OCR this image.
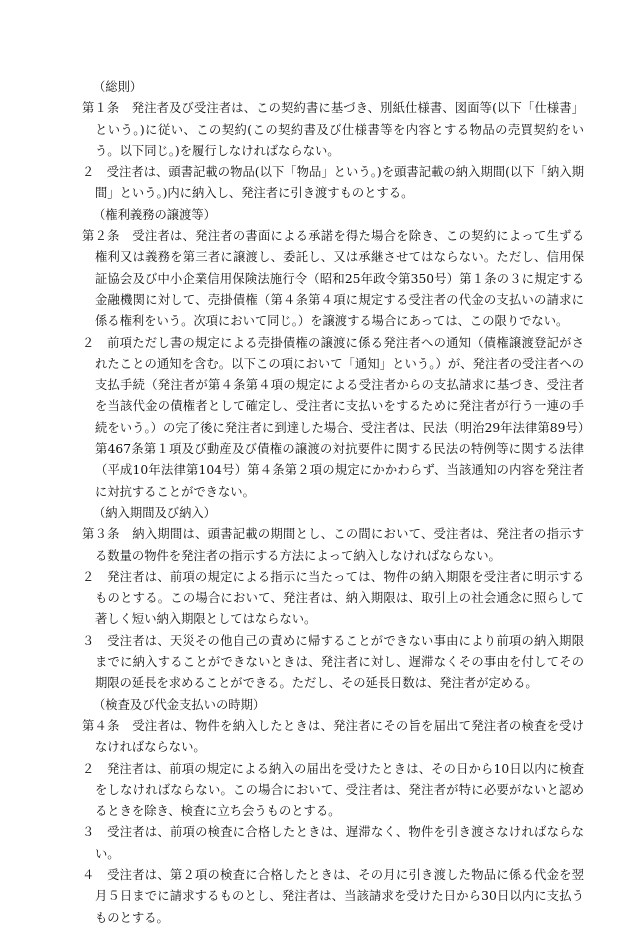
（総則）
第１条　発注者及び受注者は、この契約書に基づき、別紙仕様書、図面等(以下「仕様書」という。)に従い、この契約(この契約書及び仕様書等を内容とする物品の売買契約をいう。以下同じ。)を履行しなければならない。
２　受注者は、頭書記載の物品(以下「物品」という。)を頭書記載の納入期間(以下「納入期間」という。)内に納入し、発注者に引き渡すものとする。
（権利義務の譲渡等）
第２条　受注者は、発注者の書面による承諾を得た場合を除き、この契約によって生ずる権利又は義務を第三者に譲渡し、委託し、又は承継させてはならない。ただし、信用保証協会及び中小企業信用保険法施行令（昭和25年政令第350号）第１条の３に規定する金融機関に対して、売掛債権（第４条第４項に規定する受注者の代金の支払いの請求に係る権利をいう。次項において同じ。）を譲渡する場合にあっては、この限りでない。
２　前項ただし書の規定による売掛債権の譲渡に係る発注者への通知（債権譲渡登記がされたことの通知を含む。以下この項において「通知」という。）が、発注者の受注者への支払手続（発注者が第４条第４項の規定による受注者からの支払請求に基づき、受注者を当該代金の債権者として確定し、受注者に支払いをするために発注者が行う一連の手続をいう。）の完了後に発注者に到達した場合、受注者は、民法（明治29年法律第89号）第467条第１項及び動産及び債権の譲渡の対抗要件に関する民法の特例等に関する法律（平成10年法律第104号）第４条第２項の規定にかかわらず、当該通知の内容を発注者に対抗することができない。
（納入期間及び納入）
第３条　納入期間は、頭書記載の期間とし、この間において、受注者は、発注者の指示する数量の物件を発注者の指示する方法によって納入しなければならない。
２　発注者は、前項の規定による指示に当たっては、物件の納入期限を受注者に明示するものとする。この場合において、発注者は、納入期限は、取引上の社会通念に照らして著しく短い納入期限としてはならない。
３　受注者は、天災その他自己の責めに帰することができない事由により前項の納入期限までに納入することができないときは、発注者に対し、遅滞なくその事由を付してその期限の延長を求めることができる。ただし、その延長日数は、発注者が定める。
（検査及び代金支払いの時期）
第４条　受注者は、物件を納入したときは、発注者にその旨を届出て発注者の検査を受けなければならない。
２　発注者は、前項の規定による納入の届出を受けたときは、その日から10日以内に検査をしなければならない。この場合において、受注者は、発注者が特に必要がないと認めるときを除き、検査に立ち会うものとする。
３　受注者は、前項の検査に合格したときは、遅滞なく、物件を引き渡さなければならない。
４　受注者は、第２項の検査に合格したときは、その月に引き渡した物品に係る代金を翌月５日までに請求するものとし、発注者は、当該請求を受けた日から30日以内に支払うものとする。
